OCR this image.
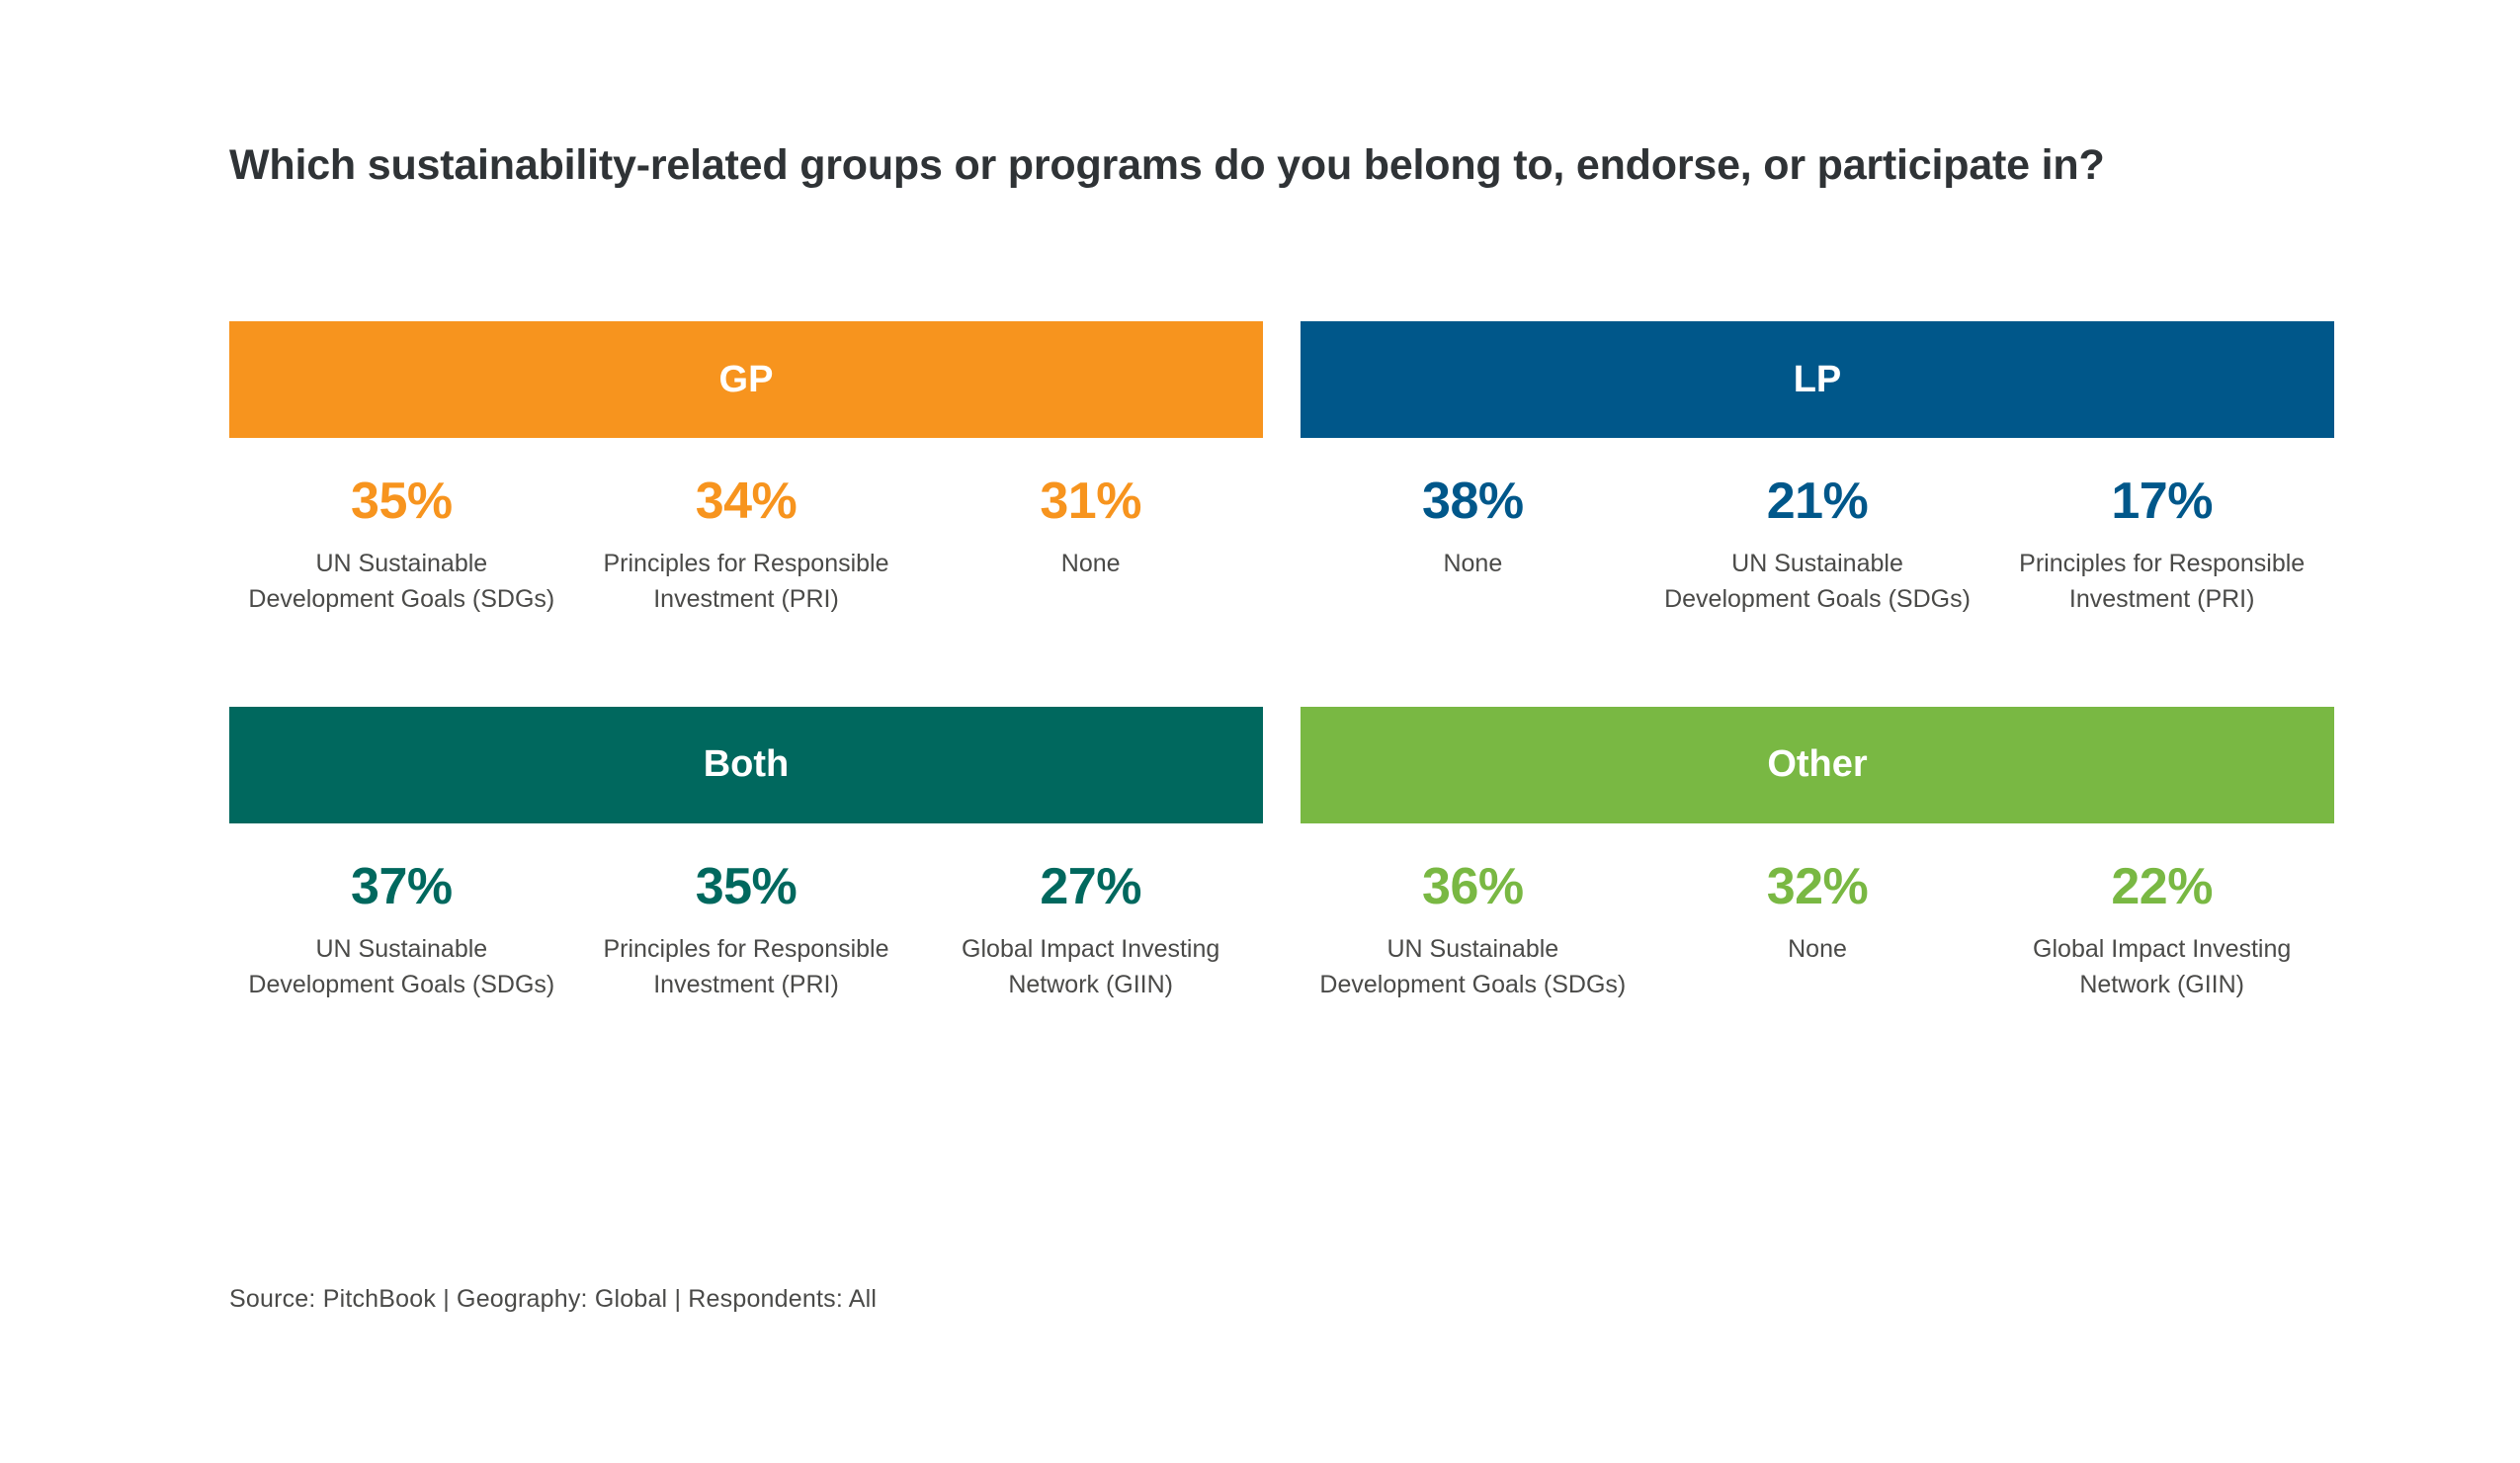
Which sustainability-related groups or programs do you belong to, endorse, or participate in?
GP
35%
UN Sustainable Development Goals (SDGs)
34%
Principles for Responsible Investment (PRI)
31%
None
LP
38%
None
21%
UN Sustainable Development Goals (SDGs)
17%
Principles for Responsible Investment (PRI)
Both
37%
UN Sustainable Development Goals (SDGs)
35%
Principles for Responsible Investment (PRI)
27%
Global Impact Investing Network (GIIN)
Other
36%
UN Sustainable Development Goals (SDGs)
32%
None
22%
Global Impact Investing Network (GIIN)
Source: PitchBook | Geography: Global | Respondents: All
